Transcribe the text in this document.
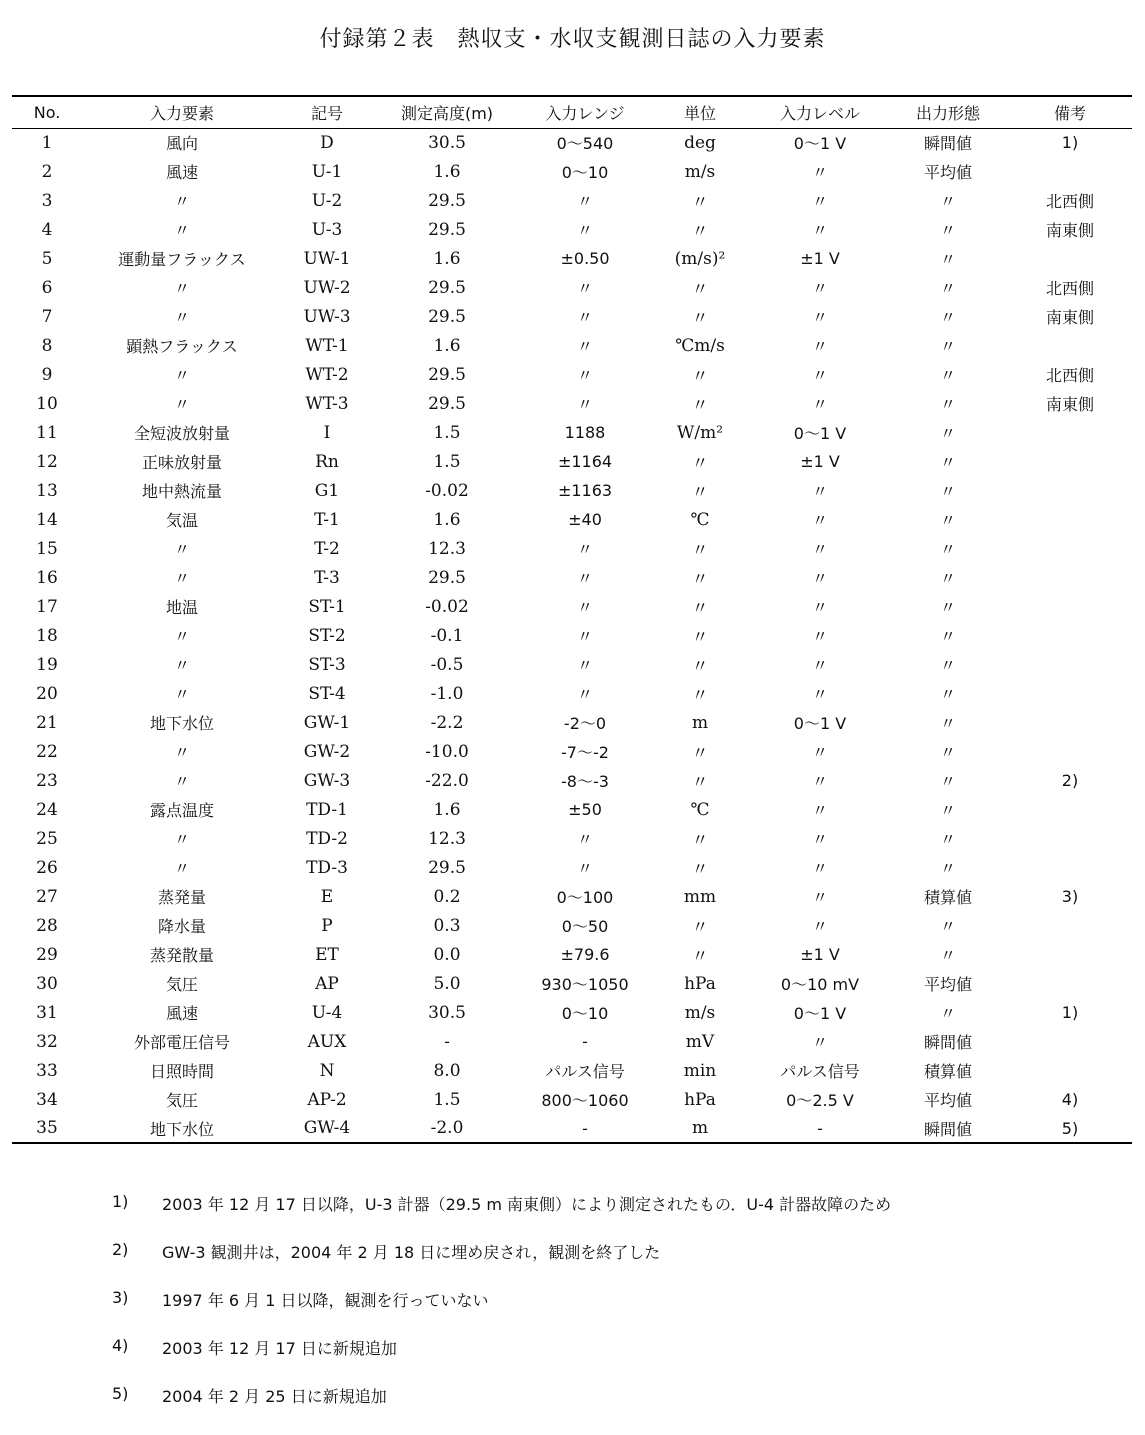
付録第２表　熱収支・水収支観測日誌の入力要素
No.	入力要素	記号	測定高度(m)	入力レンジ	単位	入力レベル	出力形態	備考
1	風向	D	30.5	0～540	deg	0～1 V	瞬間値	1)
2	風速	U-1	1.6	0～10	m/s	〃	平均値	
3	〃	U-2	29.5	〃	〃	〃	〃	北西側
4	〃	U-3	29.5	〃	〃	〃	〃	南東側
5	運動量フラックス	UW-1	1.6	±0.50	(m/s)²	±1 V	〃	
6	〃	UW-2	29.5	〃	〃	〃	〃	北西側
7	〃	UW-3	29.5	〃	〃	〃	〃	南東側
8	顕熱フラックス	WT-1	1.6	〃	℃m/s	〃	〃	
9	〃	WT-2	29.5	〃	〃	〃	〃	北西側
10	〃	WT-3	29.5	〃	〃	〃	〃	南東側
11	全短波放射量	I	1.5	1188	W/m²	0～1 V	〃	
12	正味放射量	Rn	1.5	±1164	〃	±1 V	〃	
13	地中熱流量	G1	-0.02	±1163	〃	〃	〃	
14	気温	T-1	1.6	±40	℃	〃	〃	
15	〃	T-2	12.3	〃	〃	〃	〃	
16	〃	T-3	29.5	〃	〃	〃	〃	
17	地温	ST-1	-0.02	〃	〃	〃	〃	
18	〃	ST-2	-0.1	〃	〃	〃	〃	
19	〃	ST-3	-0.5	〃	〃	〃	〃	
20	〃	ST-4	-1.0	〃	〃	〃	〃	
21	地下水位	GW-1	-2.2	-2～0	m	0～1 V	〃	
22	〃	GW-2	-10.0	-7～-2	〃	〃	〃	
23	〃	GW-3	-22.0	-8～-3	〃	〃	〃	2)
24	露点温度	TD-1	1.6	±50	℃	〃	〃	
25	〃	TD-2	12.3	〃	〃	〃	〃	
26	〃	TD-3	29.5	〃	〃	〃	〃	
27	蒸発量	E	0.2	0～100	mm	〃	積算値	3)
28	降水量	P	0.3	0～50	〃	〃	〃	
29	蒸発散量	ET	0.0	±79.6	〃	±1 V	〃	
30	気圧	AP	5.0	930～1050	hPa	0～10 mV	平均値	
31	風速	U-4	30.5	0～10	m/s	0～1 V	〃	1)
32	外部電圧信号	AUX	-	-	mV	〃	瞬間値	
33	日照時間	N	8.0	パルス信号	min	パルス信号	積算値	
34	気圧	AP-2	1.5	800～1060	hPa	0～2.5 V	平均値	4)
35	地下水位	GW-4	-2.0	-	m	-	瞬間値	5)
1)	2003 年 12 月 17 日以降，U-3 計器（29.5 m 南東側）により測定されたもの．U-4 計器故障のため
2)	GW-3 観測井は，2004 年 2 月 18 日に埋め戻され，観測を終了した
3)	1997 年 6 月 1 日以降，観測を行っていない
4)	2003 年 12 月 17 日に新規追加
5)	2004 年 2 月 25 日に新規追加
